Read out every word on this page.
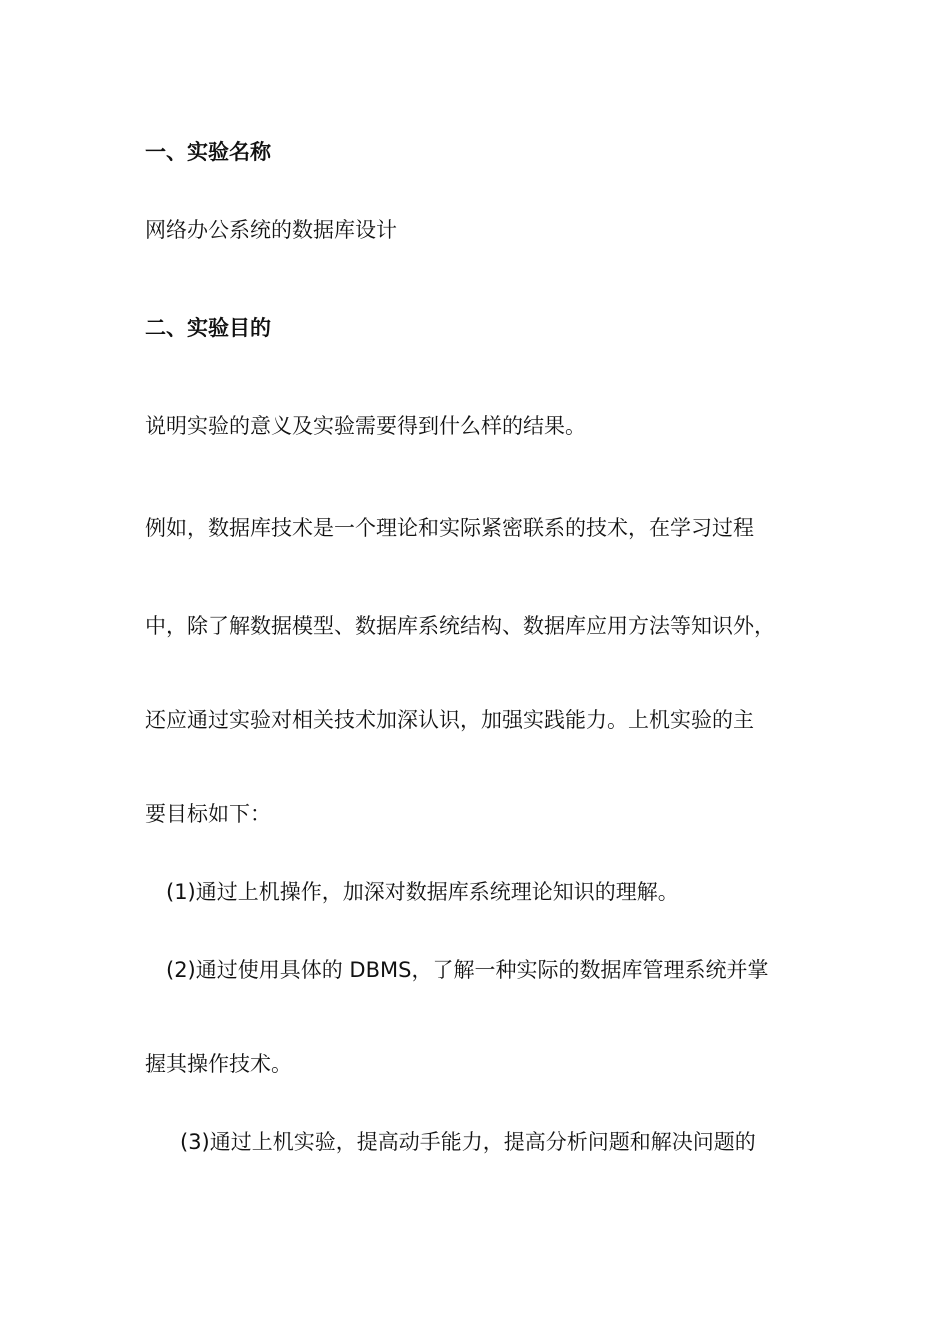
一、实验名称
网络办公系统的数据库设计
二、实验目的
说明实验的意义及实验需要得到什么样的结果。
例如，数据库技术是一个理论和实际紧密联系的技术，在学习过程
中，除了解数据模型、数据库系统结构、数据库应用方法等知识外，
还应通过实验对相关技术加深认识，加强实践能力。上机实验的主
要目标如下：
(1)通过上机操作，加深对数据库系统理论知识的理解。
(2)通过使用具体的 DBMS，了解一种实际的数据库管理系统并掌
握其操作技术。
(3)通过上机实验，提高动手能力，提高分析问题和解决问题的
